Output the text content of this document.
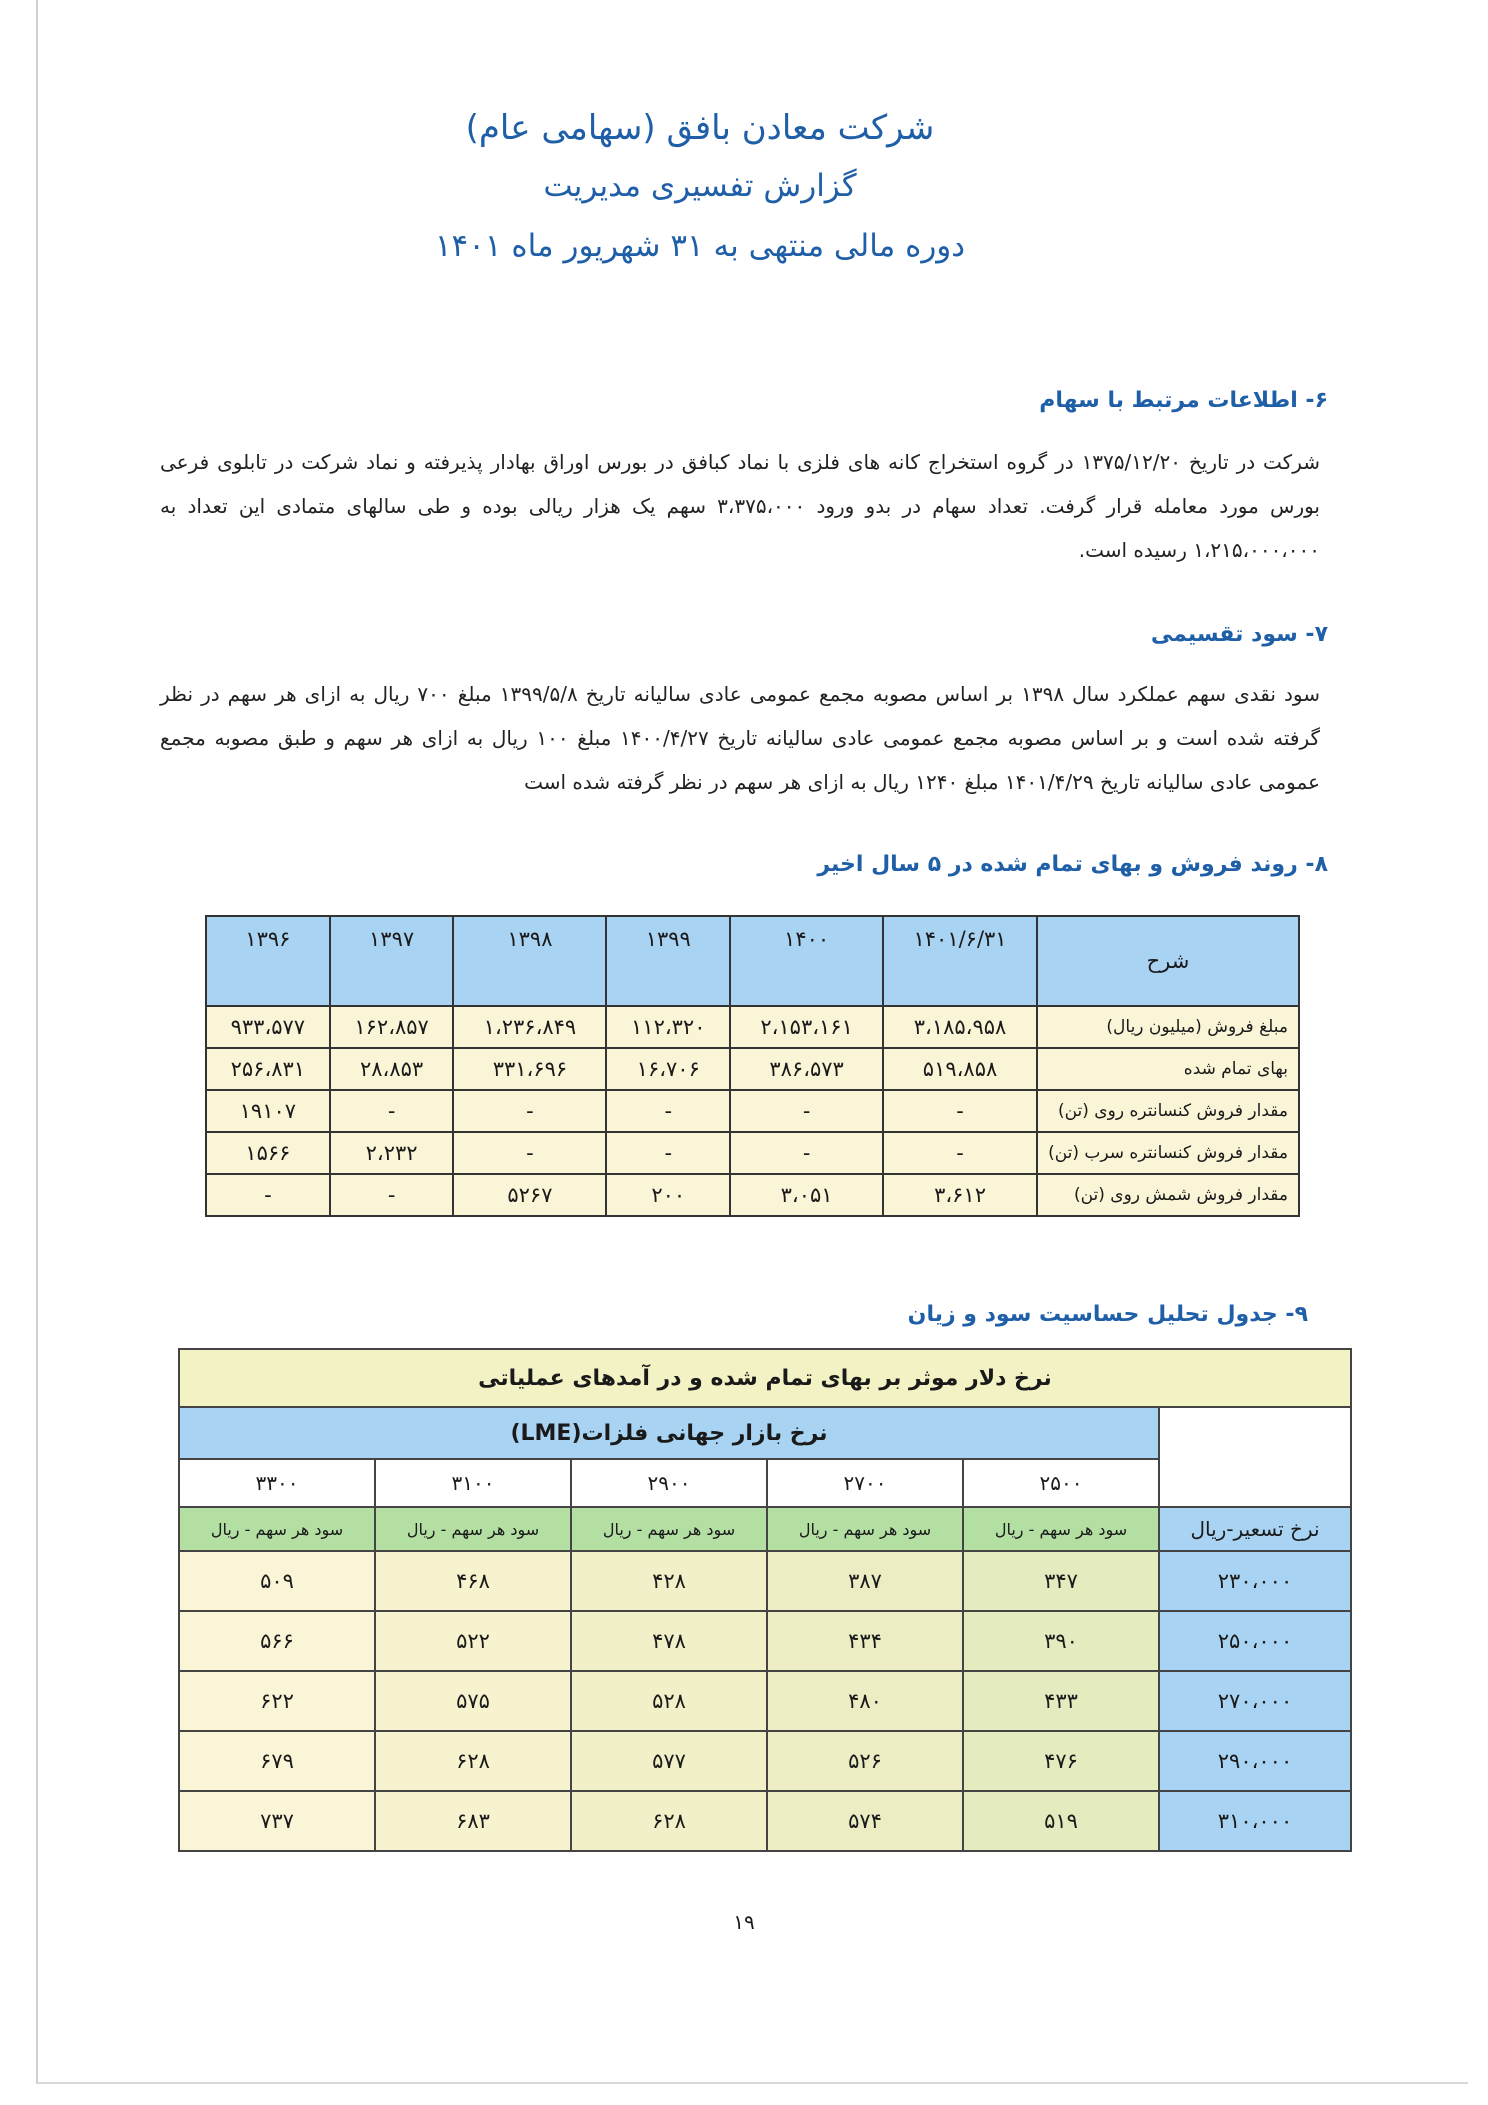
شرکت معادن بافق (سهامی عام)
گزارش تفسیری مدیریت
دوره مالی منتهی به ۳۱ شهریور ماه ۱۴۰۱
۶- اطلاعات مرتبط با سهام
شرکت در تاریخ ۱۳۷۵/۱۲/۲۰ در گروه استخراج کانه های فلزی با نماد کبافق در بورس اوراق بهادار پذیرفته و نماد شرکت در تابلوی فرعی بورس مورد معامله قرار گرفت. تعداد سهام در بدو ورود ۳،۳۷۵،۰۰۰ سهم یک هزار ریالی بوده و طی سالهای متمادی این تعداد به ۱،۲۱۵،۰۰۰،۰۰۰ رسیده است.
۷- سود تقسیمی
سود نقدی سهم عملکرد سال ۱۳۹۸ بر اساس مصوبه مجمع عمومی عادی سالیانه تاریخ ۱۳۹۹/۵/۸ مبلغ ۷۰۰ ریال به ازای هر سهم در نظر گرفته شده است و بر اساس مصوبه مجمع عمومی عادی سالیانه تاریخ ۱۴۰۰/۴/۲۷ مبلغ ۱۰۰ ریال به ازای هر سهم و طبق مصوبه مجمع عمومی عادی سالیانه تاریخ ۱۴۰۱/۴/۲۹ مبلغ ۱۲۴۰ ریال به ازای هر سهم در نظر گرفته شده است
۸- روند فروش و بهای تمام شده در ۵ سال اخیر
۱۳۹۶	۱۳۹۷	۱۳۹۸	۱۳۹۹	۱۴۰۰	۱۴۰۱/۶/۳۱	شرح
۹۳۳،۵۷۷	۱۶۲،۸۵۷	۱،۲۳۶،۸۴۹	۱۱۲،۳۲۰	۲،۱۵۳،۱۶۱	۳،۱۸۵،۹۵۸	مبلغ فروش (میلیون ریال)
۲۵۶،۸۳۱	۲۸،۸۵۳	۳۳۱،۶۹۶	۱۶،۷۰۶	۳۸۶،۵۷۳	۵۱۹،۸۵۸	بهای تمام شده
۱۹۱۰۷	-	-	-	-	-	مقدار فروش کنسانتره روی (تن)
۱۵۶۶	۲،۲۳۲	-	-	-	-	مقدار فروش کنسانتره سرب (تن)
-	-	۵۲۶۷	۲۰۰	۳،۰۵۱	۳،۶۱۲	مقدار فروش شمش روی (تن)
۹- جدول تحلیل حساسیت سود و زیان
نرخ دلار موثر بر بهای تمام شده و در آمدهای عملیاتی					
نرخ بازار جهانی فلزات(LME)					
۳۳۰۰	۳۱۰۰	۲۹۰۰	۲۷۰۰	۲۵۰۰	
سود هر سهم - ریال	سود هر سهم - ریال	سود هر سهم - ریال	سود هر سهم - ریال	سود هر سهم - ریال	نرخ تسعیر-ریال
۵۰۹	۴۶۸	۴۲۸	۳۸۷	۳۴۷	۲۳۰،۰۰۰
۵۶۶	۵۲۲	۴۷۸	۴۳۴	۳۹۰	۲۵۰،۰۰۰
۶۲۲	۵۷۵	۵۲۸	۴۸۰	۴۳۳	۲۷۰،۰۰۰
۶۷۹	۶۲۸	۵۷۷	۵۲۶	۴۷۶	۲۹۰،۰۰۰
۷۳۷	۶۸۳	۶۲۸	۵۷۴	۵۱۹	۳۱۰،۰۰۰
۱۹
